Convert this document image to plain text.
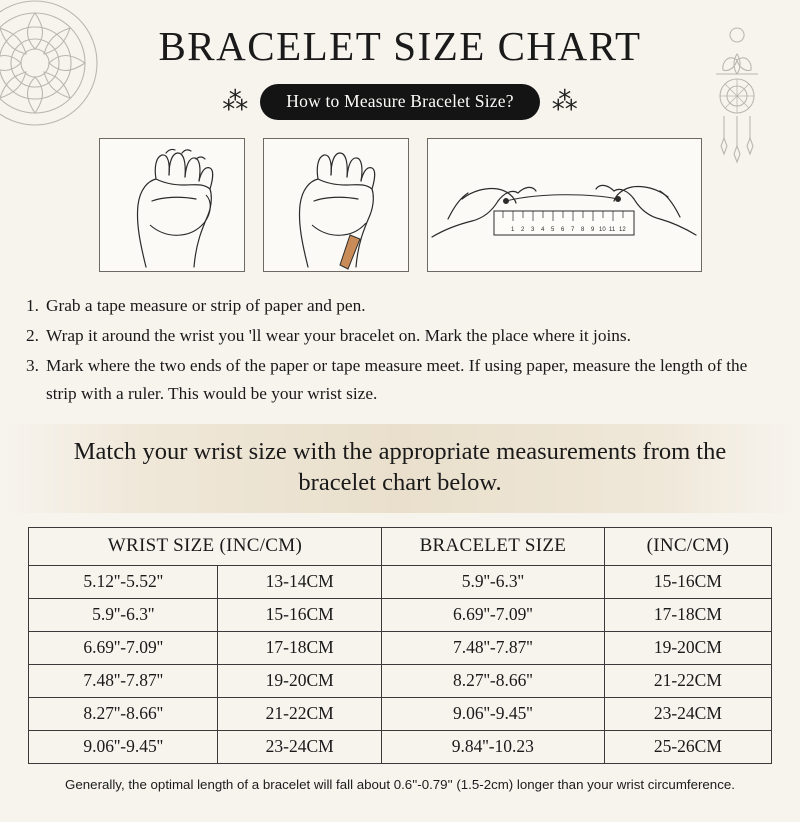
BRACELET SIZE CHART
⁂	How to Measure Bracelet Size?	⁂
1 2 3 4 5 6 7 8 9 10 11 12
1. Grab a tape measure or strip of paper and pen.
2. Wrap it around the wrist you 'll wear your bracelet on. Mark the place where it joins.
3. Mark where the two ends of the paper or tape measure meet. If using paper, measure the length of the strip with a ruler. This would be your wrist size.
Match your wrist size with the appropriate measurements from the bracelet chart below.
WRIST SIZE (INC/CM)		BRACELET SIZE	(INC/CM)
5.12''-5.52''	13-14CM	5.9''-6.3''	15-16CM
5.9''-6.3''	15-16CM	6.69''-7.09''	17-18CM
6.69''-7.09''	17-18CM	7.48''-7.87''	19-20CM
7.48''-7.87''	19-20CM	8.27''-8.66''	21-22CM
8.27''-8.66''	21-22CM	9.06''-9.45''	23-24CM
9.06''-9.45''	23-24CM	9.84''-10.23	25-26CM
Generally, the optimal length of a bracelet will fall about 0.6''-0.79'' (1.5-2cm) longer than your wrist circumference.
